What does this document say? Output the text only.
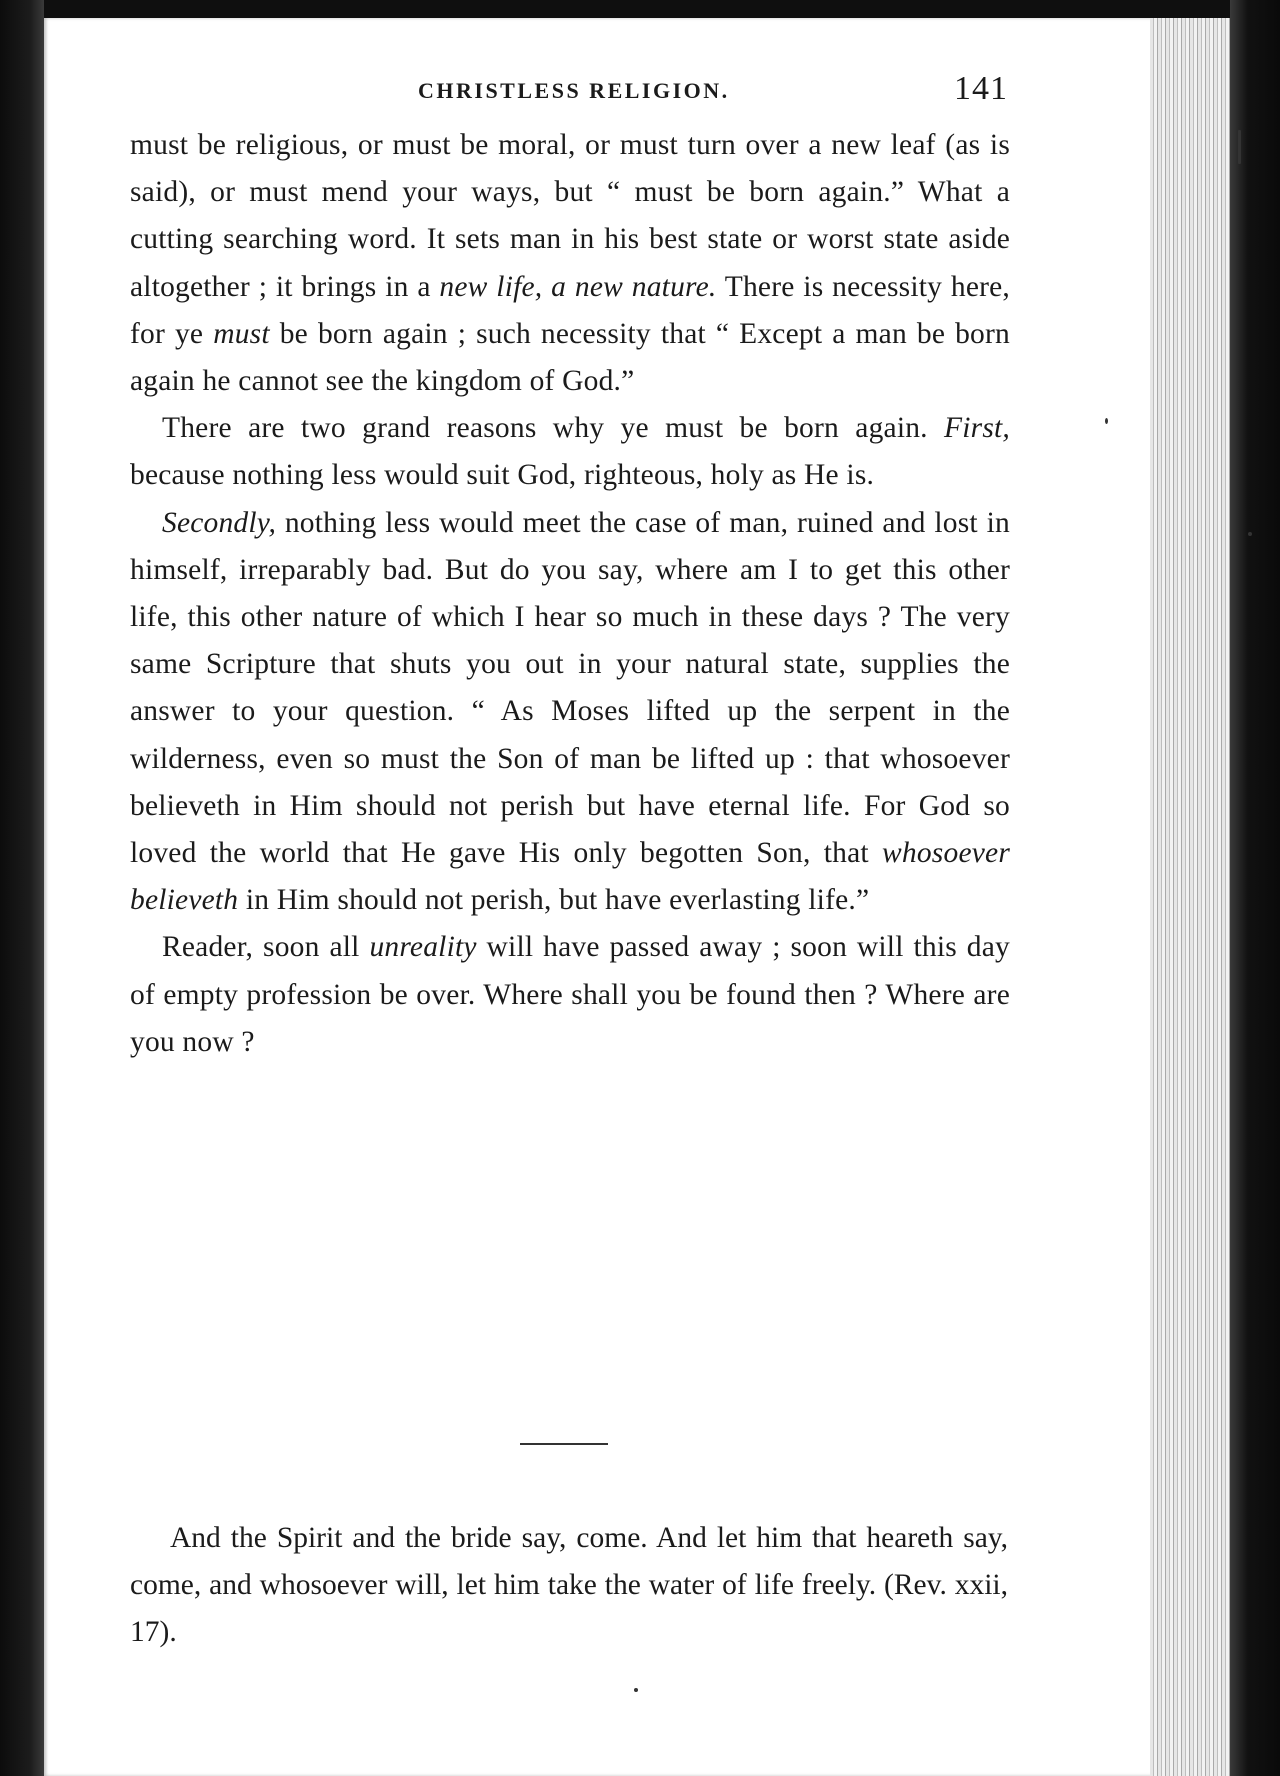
CHRISTLESS RELIGION.	141

must be religious, or must be moral, or must turn over a new leaf (as is said), or must mend your ways, but “ must be born again.” What a cutting searching word. It sets man in his best state or worst state aside altogether ; it brings in a new life, a new nature. There is necessity here, for ye must be born again ; such necessity that “ Except a man be born again he cannot see the kingdom of God.”

There are two grand reasons why ye must be born again. First, because nothing less would suit God, righteous, holy as He is.

Secondly, nothing less would meet the case of man, ruined and lost in himself, irreparably bad. But do you say, where am I to get this other life, this other nature of which I hear so much in these days ? The very same Scripture that shuts you out in your natural state, supplies the answer to your question. “ As Moses lifted up the serpent in the wilderness, even so must the Son of man be lifted up : that whosoever believeth in Him should not perish but have eternal life. For God so loved the world that He gave His only begotten Son, that whosoever believeth in Him should not perish, but have everlasting life.”

Reader, soon all unreality will have passed away ; soon will this day of empty profession be over. Where shall you be found then ? Where are you now ?

And the Spirit and the bride say, come. And let him that heareth say, come, and whosoever will, let him take the water of life freely. (Rev. xxii, 17).
